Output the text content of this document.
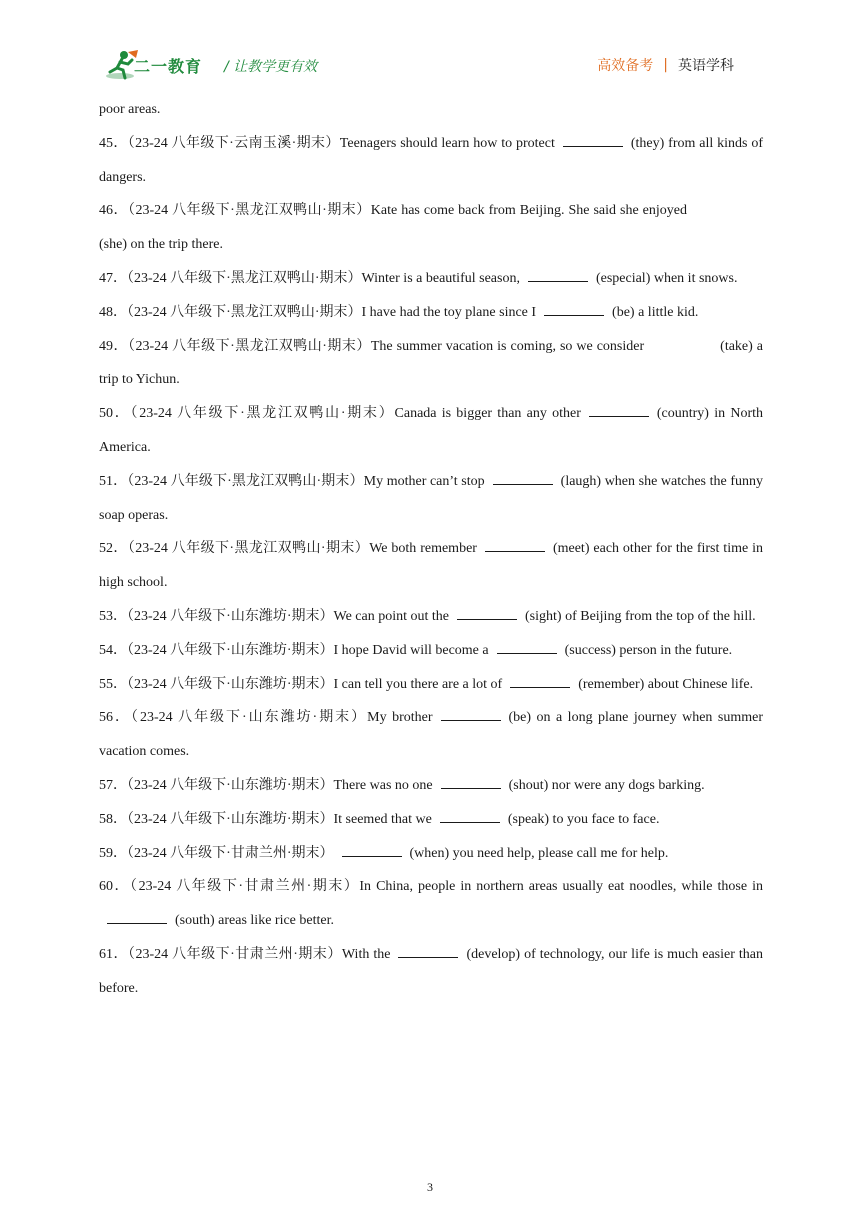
二一教育 / 让教学更有效	高效备考 | 英语学科

poor areas.

45．（23-24 八年级下·云南玉溪·期末）Teenagers should learn how to protect	(they) from all kinds of dangers.

46．（23-24 八年级下·黑龙江双鸭山·期末）Kate has come back from Beijing. She said she enjoyed(she) on the trip there.

47．（23-24 八年级下·黑龙江双鸭山·期末）Winter is a beautiful season,	(especial) when it snows.

48．（23-24 八年级下·黑龙江双鸭山·期末）I have had the toy plane since I	(be) a little kid.

49．（23-24 八年级下·黑龙江双鸭山·期末）The summer vacation is coming, so we consider	(take) a trip to Yichun.

50．（23-24 八年级下·黑龙江双鸭山·期末）Canada is bigger than any other	(country) in North America.

51．（23-24 八年级下·黑龙江双鸭山·期末）My mother can’t stop	(laugh) when she watches the funny soap operas.

52．（23-24 八年级下·黑龙江双鸭山·期末）We both remember	(meet) each other for the first time in high school.

53．（23-24 八年级下·山东潍坊·期末）We can point out the	(sight) of Beijing from the top of the hill.

54．（23-24 八年级下·山东潍坊·期末）I hope David will become a	(success) person in the future.

55．（23-24 八年级下·山东潍坊·期末）I can tell you there are a lot of	(remember) about Chinese life.

56．（23-24 八年级下·山东潍坊·期末）My brother	(be) on a long plane journey when summer vacation comes.

57．（23-24 八年级下·山东潍坊·期末）There was no one	(shout) nor were any dogs barking.

58．（23-24 八年级下·山东潍坊·期末）It seemed that we	(speak) to you face to face.

59．（23-24 八年级下·甘肃兰州·期末）	(when) you need help, please call me for help.

60．（23-24 八年级下·甘肃兰州·期末）In China, people in northern areas usually eat noodles, while those in(south) areas like rice better.

61．（23-24 八年级下·甘肃兰州·期末）With the	(develop) of technology, our life is much easier than before.

3
